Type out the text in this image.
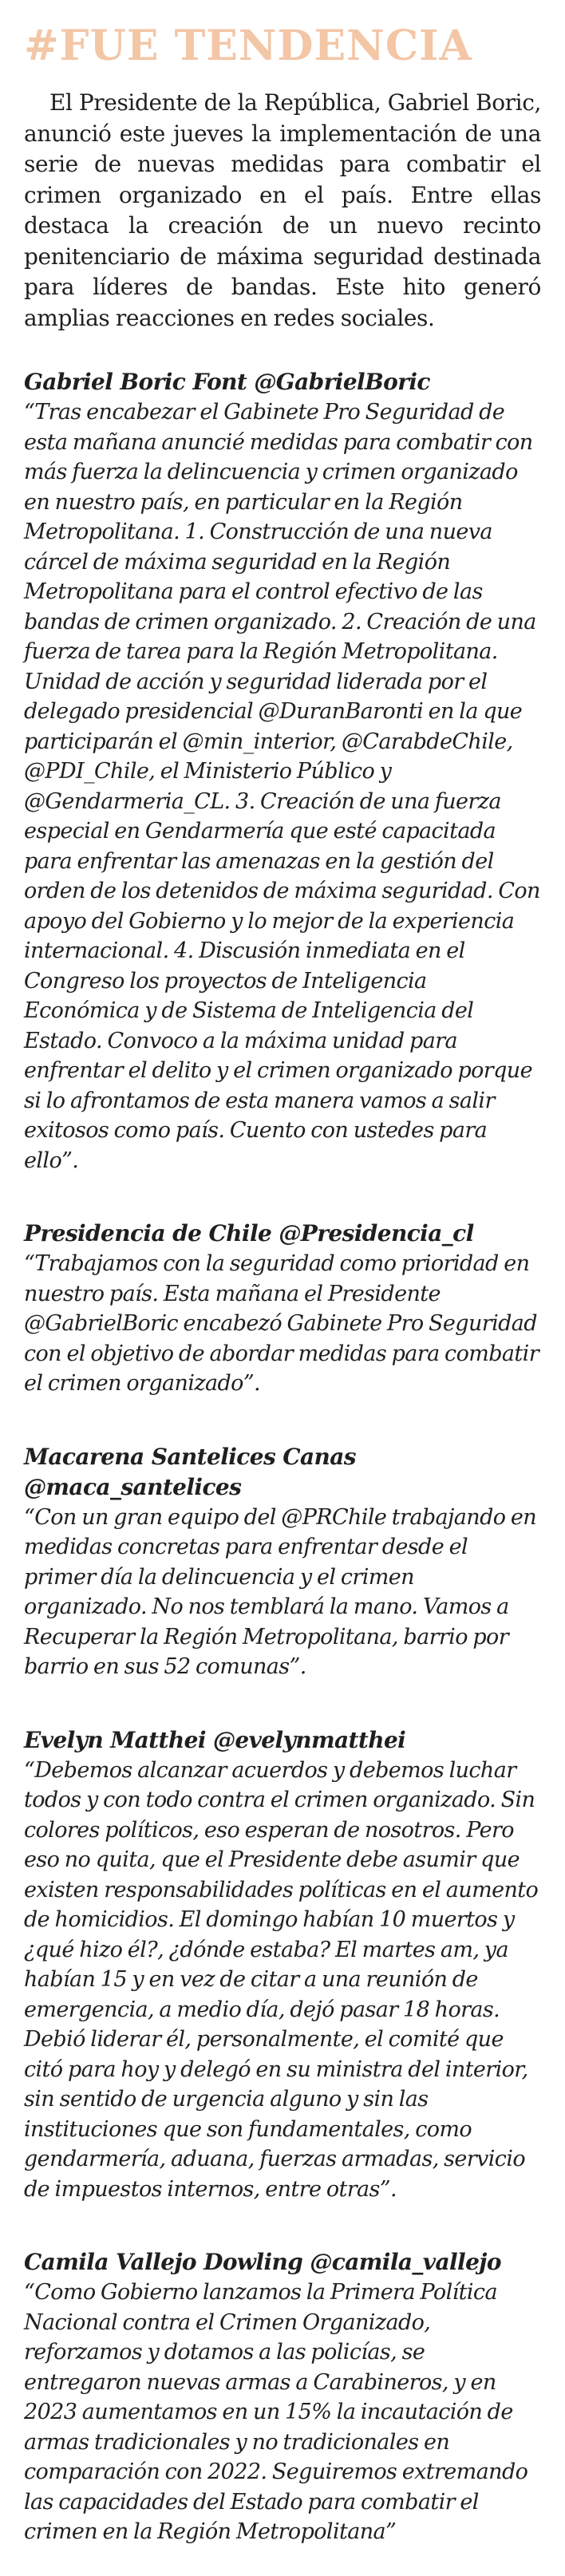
#FUE TENDENCIA

El Presidente de la República, Gabriel Boric, anunció este jueves la implementación de una serie de nuevas medidas para combatir el crimen organizado en el país. Entre ellas destaca la creación de un nuevo recinto penitenciario de máxima seguridad destinada para líderes de bandas. Este hito generó amplias reacciones en redes sociales.

Gabriel Boric Font @GabrielBoric

“Tras encabezar el Gabinete Pro Seguridad de esta mañana anuncié medidas para combatir con más fuerza la delincuencia y crimen organizado en nuestro país, en particular en la Región Metropolitana. 1. Construcción de una nueva cárcel de máxima seguridad en la Región Metropolitana para el control efectivo de las bandas de crimen organizado. 2. Creación de una fuerza de tarea para la Región Metropolitana. Unidad de acción y seguridad liderada por el delegado presidencial @DuranBaronti en la que participarán el @min_interior, @CarabdeChile, @PDI_Chile, el Ministerio Público y @Gendarmeria_CL. 3. Creación de una fuerza especial en Gendarmería que esté capacitada para enfrentar las amenazas en la gestión del orden de los detenidos de máxima seguridad. Con apoyo del Gobierno y lo mejor de la experiencia internacional. 4. Discusión inmediata en el Congreso los proyectos de Inteligencia Económica y de Sistema de Inteligencia del Estado. Convoco a la máxima unidad para enfrentar el delito y el crimen organizado porque si lo afrontamos de esta manera vamos a salir exitosos como país. Cuento con ustedes para ello”.

Presidencia de Chile @Presidencia_cl

“Trabajamos con la seguridad como prioridad en nuestro país. Esta mañana el Presidente @GabrielBoric encabezó Gabinete Pro Seguridad con el objetivo de abordar medidas para combatir el crimen organizado”.

Macarena Santelices Canas @maca_santelices

“Con un gran equipo del @PRChile trabajando en medidas concretas para enfrentar desde el primer día la delincuencia y el crimen organizado. No nos temblará la mano. Vamos a Recuperar la Región Metropolitana, barrio por barrio en sus 52 comunas”.

Evelyn Matthei @evelynmatthei

“Debemos alcanzar acuerdos y debemos luchar todos y con todo contra el crimen organizado. Sin colores políticos, eso esperan de nosotros. Pero eso no quita, que el Presidente debe asumir que existen responsabilidades políticas en el aumento de homicidios. El domingo habían 10 muertos y ¿qué hizo él?, ¿dónde estaba? El martes am, ya habían 15 y en vez de citar a una reunión de emergencia, a medio día, dejó pasar 18 horas. Debió liderar él, personalmente, el comité que citó para hoy y delegó en su ministra del interior, sin sentido de urgencia alguno y sin las instituciones que son fundamentales, como gendarmería, aduana, fuerzas armadas, servicio de impuestos internos, entre otras”.

Camila Vallejo Dowling @camila_vallejo

“Como Gobierno lanzamos la Primera Política Nacional contra el Crimen Organizado, reforzamos y dotamos a las policías, se entregaron nuevas armas a Carabineros, y en 2023 aumentamos en un 15% la incautación de armas tradicionales y no tradicionales en comparación con 2022. Seguiremos extremando las capacidades del Estado para combatir el crimen en la Región Metropolitana”
